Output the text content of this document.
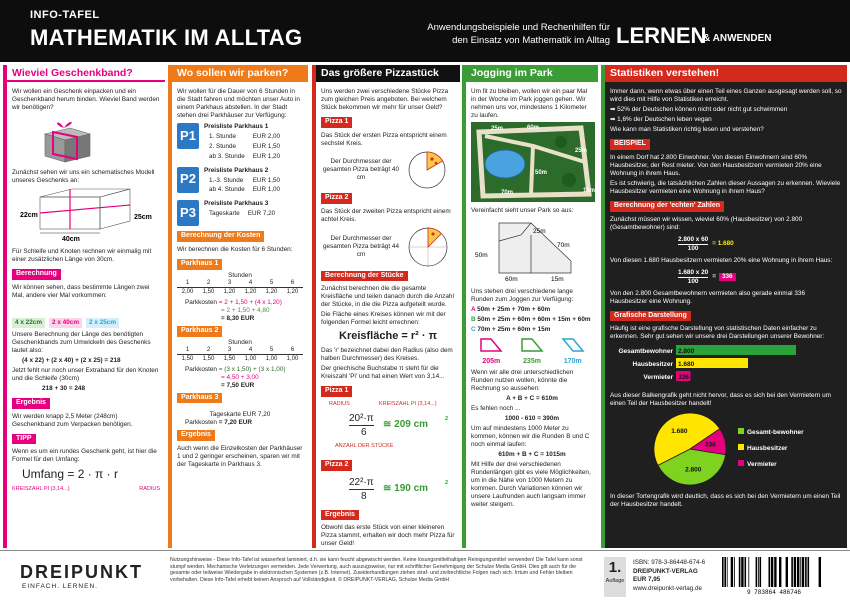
INFO-TAFEL
MATHEMATIK IM ALLTAG	Anwendungsbeispiele und Rechenhilfen für
den Einsatz von Mathematik im Alltag LERNEN
& ANWENDEN
Wieviel Geschenkband?

Wir wollen ein Geschenk einpacken und ein Geschenkband herum binden. Wieviel Band werden wir benötigen?

Zunächst sehen wir uns ein schematisches Modell unseres Geschenks an:

22cm
40cm
25cm

Für Schleife und Knoten rechnen wir einmalig mit einer zusätzlichen Länge von 30cm.

Berechnung

Wir können sehen, dass bestimmte Längen zwei Mal, andere vier Mal vorkommen:

4 x 22cm	2 x 40cm	2 x 25cm

Unsere Berechnung der Länge des benötigten Geschenkbands zum Umwickeln des Geschenks lautet also:

(4 x 22) + (2 x 40) + (2 x 25) = 218

Jetzt fehlt nur noch unser Extraband für den Knoten und die Schleife (30cm)

218 + 30 = 248

Ergebnis

Wir werden knapp 2,5 Meter (248cm) Geschenkband zum Verpacken benötigen.

TIPP

Wenn es um ein rundes Geschenk geht, ist hier die Formel für den Umfang:

Umfang = 2 · π · r

KREISZAHL PI (3,14...)	RADIUS
Wo sollen wir parken?

Wir wollen für die Dauer von 6 Stunden in die Stadt fahren und möchten unser Auto in einem Parkhaus abstellen. In der Stadt stehen drei Parkhäuser zur Verfügung:

P1
Preisliste Parkhaus 1
1. Stunde	EUR 2,00
2. Stunde	EUR 1,50
ab 3. Stunde	EUR 1,20
P2
Preisliste Parkhaus 2
1.-3. Stunde	EUR 1,50
ab 4. Stunde	EUR 1,00
P3
Preisliste Parkhaus 3
Tageskarte	EUR 7,20
Berechnung der Kosten

Wir berechnen die Kosten für 6 Stunden:

Parkhaus 1
Stunden
1	2	3	4	5	6
2,00 1,50 1,20 1,20 1,20 1,20
Parkkosten = 2 + 1,50 + (4 x 1,20)
= 2 + 1,50 + 4,80
= 8,30 EUR
Parkhaus 2
Stunden
1	2	3	4	5	6
1,50 1,50 1,50 1,00 1,00 1,00
Parkkosten = (3 x 1,50) + (3 x 1,00)
= 4,50 + 3,00
= 7,50 EUR
Parkhaus 3
Tageskarte EUR 7,20
Parkkosten = 7,20 EUR
Ergebnis

Auch wenn die Einzelkosten der Parkhäuser 1 und 2 geringer erscheinen, sparen wir mit der Tageskarte in Parkhaus 3.

Das größere Pizzastück

Uns werden zwei verschiedene Stücke Pizza zum gleichen Preis angeboten. Bei welchem Stück bekommen wir mehr für unser Geld?

Pizza 1

Das Stück der ersten Pizza entspricht einem sechstel Kreis.

Der Durchmesser der gesamten Pizza beträgt 40 cm

Pizza 2

Das Stück der zweiten Pizza entspricht einem achtel Kreis.

Der Durchmesser der gesamten Pizza beträgt 44 cm

Berechnung der Stücke

Zunächst berechnen die die gesamte Kreisfläche und teilen danach durch die Anzahl der Stücke, in die die Pizza aufgeteilt wurde.

Die Fläche eines Kreises können wir mit der folgenden Formel leicht errechnen:

Kreisfläche = r² · π

Das 'r' bezeichnet dabei den Radius (also dem halben Durchmesser) des Kreises.

Der griechische Buchstabe π steht für die Kreiszahl 'Pi' und hat einen Wert von 3,14...

Pizza 1
RADIUS	KREISZAHL PI (3,14...)
20²·π
6
≅ 209 cm	2
ANZAHL DER STÜCKE
Pizza 2
22²·π
8
≅ 190 cm	2
Ergebnis

Obwohl das erste Stück von einer kleineren Pizza stammt, erhalten wir doch mehr Pizza für unser Geld!

Jogging im Park

Um fit zu bleiben, wollen wir ein paar Mal in der Woche im Park joggen gehen. Wir nehmen uns vor, mindestens 1 Kilometer zu laufen.

25m	60m
25m
50m
70m	15m

Vereinfacht sieht unser Park so aus:

25m
50m
60m	15m
70m

Uns stehen drei verschiedene lange Runden zum Joggen zur Verfügung:

A 50m + 25m + 70m + 60m

B 50m + 25m + 60m + 60m + 15m + 60m

C 70m + 25m + 60m + 15m

205m	235m	170m

Wenn wir alle drei unterschiedlichen Runden nutzen wollen, könnte die Rechnung so aussehen:

A + B + C = 610m

Es fehlen noch ...

1000 - 610 = 390m

Um auf mindestens 1000 Meter zu kommen, können wir die Runden B und C noch einmal laufen:

610m + B + C = 1015m

Mit Hilfe der drei verschiedenen Rundenlängen gibt es viele Möglichkeiten, um in die Nähe von 1000 Metern zu kommen. Durch Variationen können wir unsere Laufrunden auch langsam immer weiter steigern.

Statistiken verstehen!

Immer dann, wenn etwas über einen Teil eines Ganzen ausgesagt werden soll, so wird dies mit Hilfe von Statistiken erreicht.

➡ 52% der Deutschen können nicht oder nicht gut schwimmen

➡ 1,6% der Deutschen leben vegan

Wie kann man Statistiken richtig lesen und verstehen?

BEISPIEL

In einem Dorf hat 2.800 Einwohner. Von diesen Einwohnern sind 60% Hausbesitzer, der Rest mieter. Von den Hausbesitzern vermieten 20% eine Wohnung in ihrem Haus.

Es ist schwierig, die tatsächlichen Zahlen dieser Aussagen zu erkennen. Wieviele Hausbesitzer vermieten eine Wohnung in ihrem Haus?

Berechnung der 'echten' Zahlen

Zunächst müssen wir wissen, wieviel 60% (Hausbesitzer) von 2.800 (Gesamtbewohner) sind:

$\frac{2.800 x 60}{100} = 1.680$

Von diesen 1.680 Hausbesitzern vermieten 20% eine Wohnung in ihrem Haus:

$\frac{1.680 x 20}{100} = 336$

Von den 2.800 Gesamtbewohnern vermieten also gerade einmal 336 Hausbesitzer eine Wohnung.

Grafische Darstellung

Häufig ist eine grafische Darstellung von statistischen Daten einfacher zu erkennen. Sehr gut sehen wir unsere drei Darstellungen unserer Bewohner:

Gesamtbewohner 2.800
Hausbesitzer 1.680
Vermieter 336

Aus dieser Balkengrafik geht nicht hervor, dass es sich bei den Vermietern um einen Teil der Hausbesitzer handelt!

2.800
1.680
336
Gesamt-bewohner
Hausbesitzer
Vermieter

In dieser Tortengrafik wird deutlich, dass es sich bei den Vermietern um einen Teil der Hausbesitzer handelt.

DREIPUNKT
EINFACH. LERNEN.
Nutzungshinweise - Diese Info-Tafel ist wasserfest laminiert, d.h. sie kann feucht abgewischt werden. Keine lösungsmittelhaltigen Reinigungsmittel verwenden! Die Tafel kann sonst stumpf werden. Mechanische Verletzungen vermeiden. Jede Verwertung, auch auszugsweise, nur mit schriftlicher Genehmigung der Schulze Media GmbH. Dies gilt auch für die gesamte oder teilweise Wiedergabe in elektronischen Systemen (z.B. Internet). Zuwiderhandlungen ziehen straf- und zivilrechtliche Folgen nach sich. Irrtum und Fehler bleiben vorbehalten. Diese Info-Tafel erhebt keinen Anspruch auf Vollständigkeit. © DREIPUNKT-VERLAG, Schulze Media GmbH
1.
Auflage
ISBN: 978-3-86448-674-6
DREIPUNKT-VERLAG
EUR 7,95
www.dreipunkt-verlag.de
9 783864 486746
